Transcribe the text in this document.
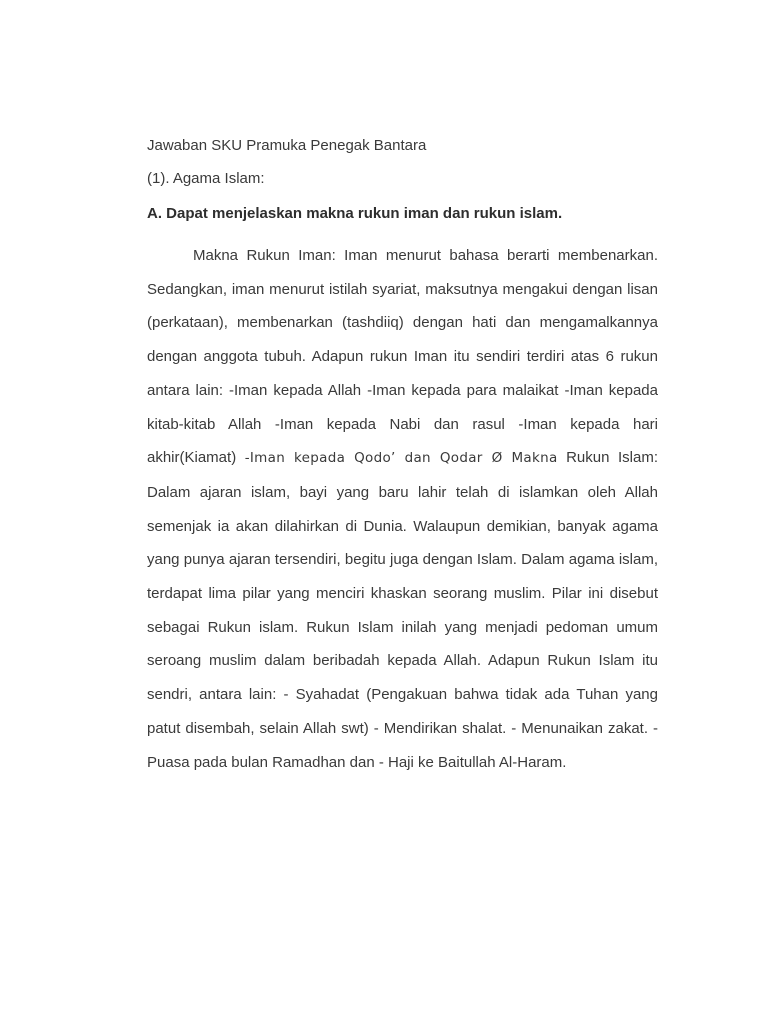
Jawaban SKU Pramuka Penegak Bantara

(1). Agama Islam:

A. Dapat menjelaskan makna rukun iman dan rukun islam.

Makna Rukun Iman: Iman menurut bahasa berarti membenarkan. Sedangkan, iman menurut istilah syariat, maksutnya mengakui dengan lisan (perkataan), membenarkan (tashdiiq) dengan hati dan mengamalkannya dengan anggota tubuh. Adapun rukun Iman itu sendiri terdiri atas 6 rukun antara lain: -Iman kepada Allah -Iman kepada para malaikat -Iman kepada kitab-kitab Allah -Iman kepada Nabi dan rasul -Iman kepada hari akhir(Kiamat) -Iman kepada Qodo’ dan Qodar Ø Makna Rukun Islam: Dalam ajaran islam, bayi yang baru lahir telah di islamkan oleh Allah semenjak ia akan dilahirkan di Dunia. Walaupun demikian, banyak agama yang punya ajaran tersendiri, begitu juga dengan Islam. Dalam agama islam, terdapat lima pilar yang menciri khaskan seorang muslim. Pilar ini disebut sebagai Rukun islam. Rukun Islam inilah yang menjadi pedoman umum seroang muslim dalam beribadah kepada Allah. Adapun Rukun Islam itu sendri, antara lain: - Syahadat (Pengakuan bahwa tidak ada Tuhan yang patut disembah, selain Allah swt) - Mendirikan shalat. - Menunaikan zakat. - Puasa pada bulan Ramadhan dan - Haji ke Baitullah Al-Haram.
